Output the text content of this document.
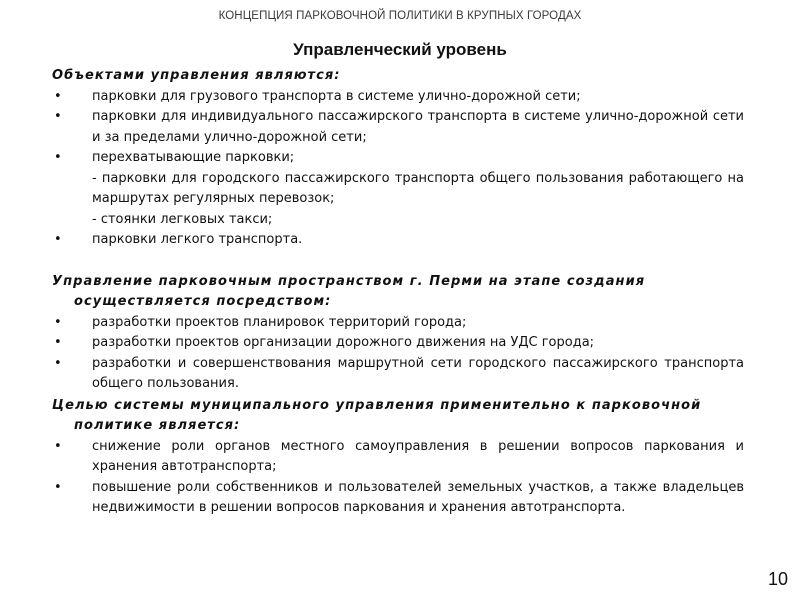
КОНЦЕПЦИЯ ПАРКОВОЧНОЙ ПОЛИТИКИ В КРУПНЫХ ГОРОДАХ
Управленческий уровень
Объектами управления являются:
• парковки для грузового транспорта в системе улично-дорожной сети;
• парковки для индивидуального пассажирского транспорта в системе улично-дорожной сети и за пределами улично-дорожной сети;
• перехватывающие парковки;
- парковки для городского пассажирского транспорта общего пользования работающего на маршрутах регулярных перевозок;
- стоянки легковых такси;
• парковки легкого транспорта.
Управление парковочным пространством г. Перми на этапе создания
осуществляется посредством:
• разработки проектов планировок территорий города;
• разработки проектов организации дорожного движения на УДС города;
• разработки и совершенствования маршрутной сети городского пассажирского транспорта общего пользования.
Целью системы муниципального управления применительно к парковочной
политике является:
• снижение роли органов местного самоуправления в решении вопросов паркования и хранения автотранспорта;
• повышение роли собственников и пользователей земельных участков, а также владельцев недвижимости в решении вопросов паркования и хранения автотранспорта.
10
